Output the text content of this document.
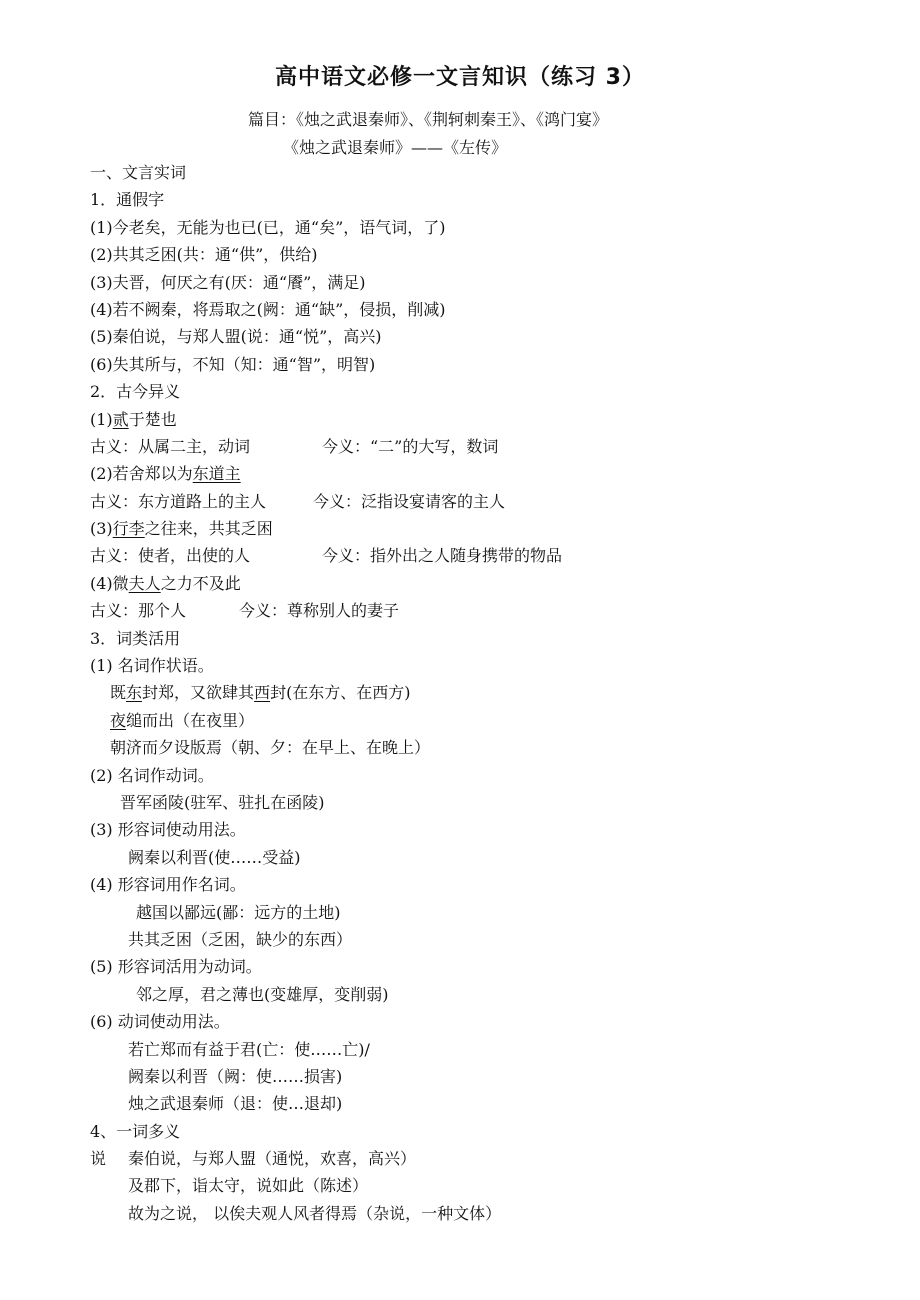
高中语文必修一文言知识（练习 3）
篇目：《烛之武退秦师》、《荆轲刺秦王》、《鸿门宴》
《烛之武退秦师》——《左传》
一、文言实词
1．通假字
(1)今老矣，无能为也已(已，通“矣”，语气词，了)
(2)共其乏困(共：通“供”，供给)
(3)夫晋，何厌之有(厌：通“餍”，满足)
(4)若不阙秦，将焉取之(阙：通“缺”，侵损，削减)
(5)秦伯说，与郑人盟(说：通“悦”，高兴)
(6)失其所与，不知（知：通“智”，明智)
2．古今异义
(1)贰于楚也
古义：从属二主，动词	今义：“二”的大写，数词
(2)若舍郑以为东道主
古义：东方道路上的主人	今义：泛指设宴请客的主人
(3)行李之往来，共其乏困
古义：使者，出使的人	今义：指外出之人随身携带的物品
(4)微夫人之力不及此
古义：那个人	今义：尊称别人的妻子
3．词类活用
(1) 名词作状语。
既东封郑，又欲肆其西封(在东方、在西方)
夜缒而出（在夜里）
朝济而夕设版焉（朝、夕：在早上、在晚上）
(2) 名词作动词。
晋军函陵(驻军、驻扎在函陵)
(3) 形容词使动用法。
阙秦以利晋(使……受益)
(4) 形容词用作名词。
越国以鄙远(鄙：远方的土地)
共其乏困（乏困，缺少的东西）
(5) 形容词活用为动词。
邻之厚，君之薄也(变雄厚，变削弱)
(6) 动词使动用法。
若亡郑而有益于君(亡：使……亡)/
阙秦以利晋（阙：使……损害)
烛之武退秦师（退：使…退却)
4、一词多义
说 秦伯说，与郑人盟（通悦，欢喜，高兴）
及郡下，诣太守，说如此（陈述）
故为之说， 以俟夫观人风者得焉（杂说，一种文体）
